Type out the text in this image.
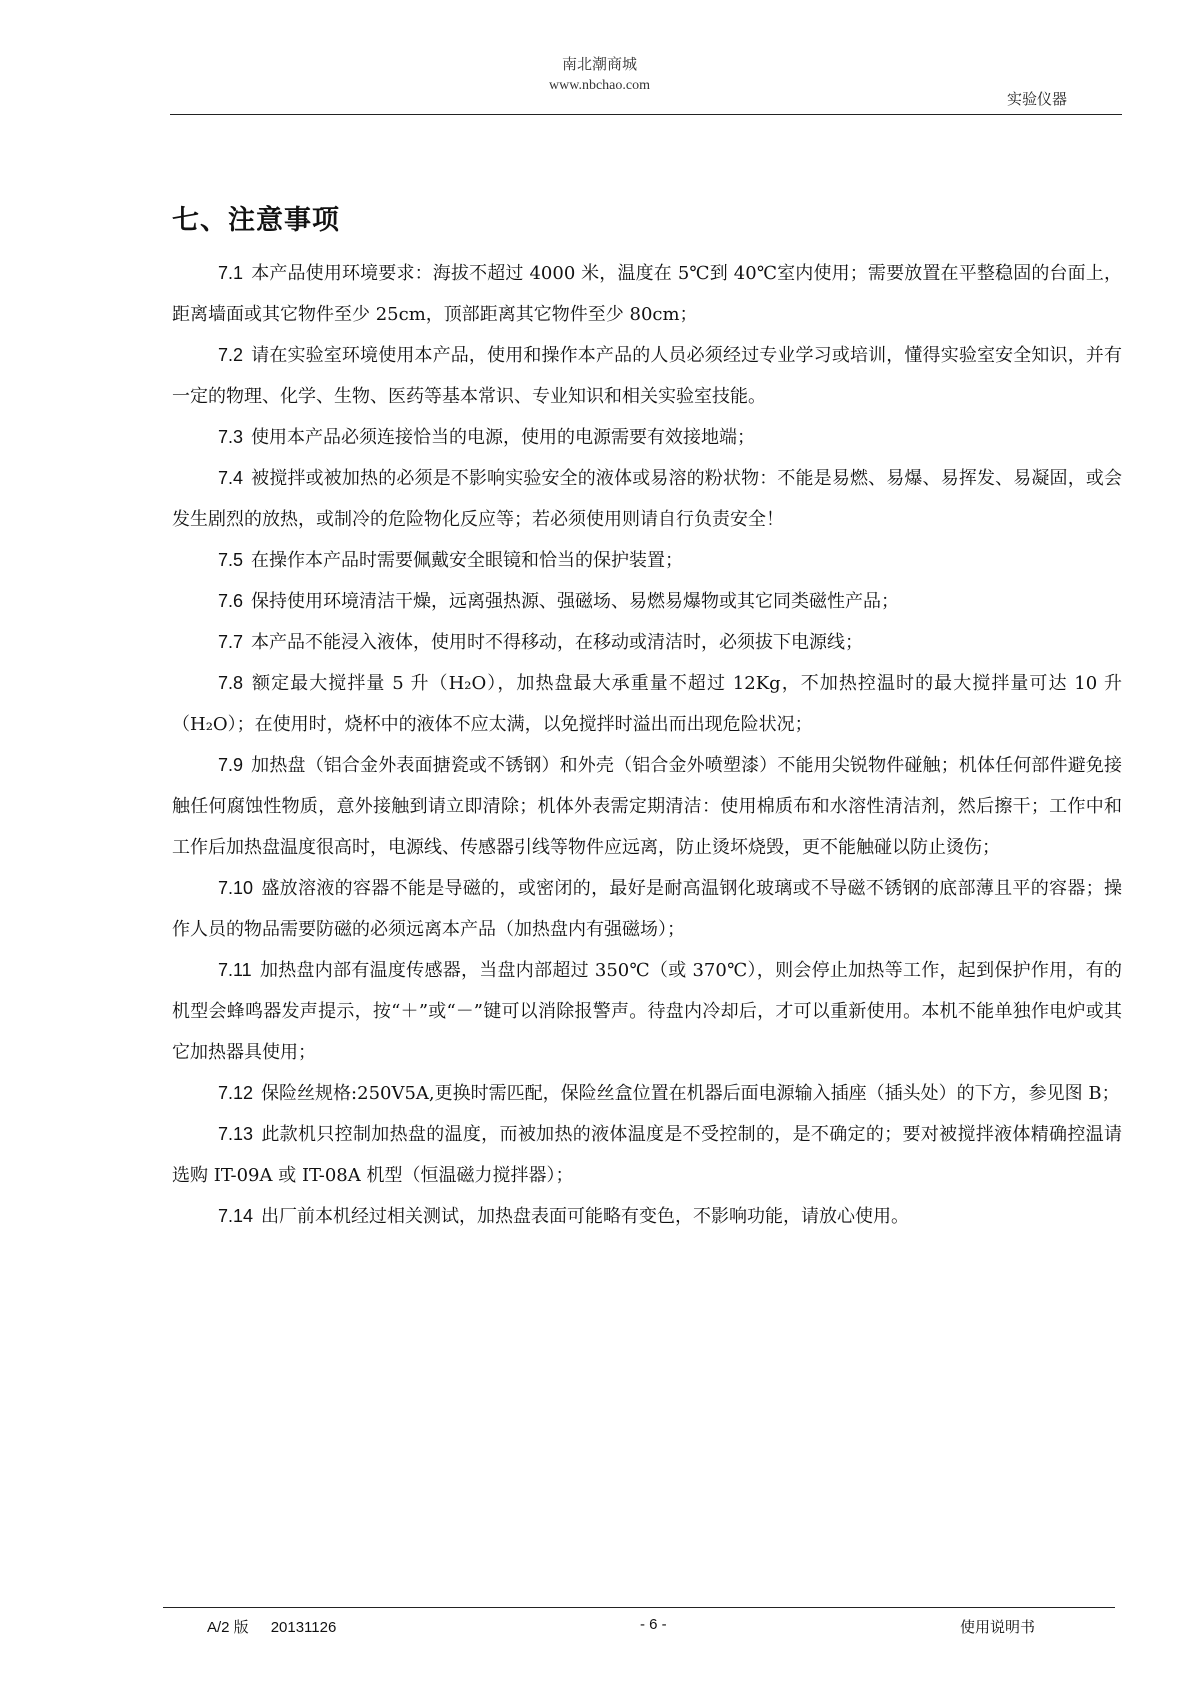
南北潮商城
www.nbchao.com
实验仪器
七、注意事项
7.1 本产品使用环境要求：海拔不超过 4000 米，温度在 5℃到 40℃室内使用；需要放置在平整稳固的台面上，距离墙面或其它物件至少 25cm，顶部距离其它物件至少 80cm；
7.2 请在实验室环境使用本产品，使用和操作本产品的人员必须经过专业学习或培训，懂得实验室安全知识，并有一定的物理、化学、生物、医药等基本常识、专业知识和相关实验室技能。
7.3 使用本产品必须连接恰当的电源，使用的电源需要有效接地端；
7.4 被搅拌或被加热的必须是不影响实验安全的液体或易溶的粉状物：不能是易燃、易爆、易挥发、易凝固，或会发生剧烈的放热，或制冷的危险物化反应等；若必须使用则请自行负责安全！
7.5 在操作本产品时需要佩戴安全眼镜和恰当的保护装置；
7.6 保持使用环境清洁干燥，远离强热源、强磁场、易燃易爆物或其它同类磁性产品；
7.7 本产品不能浸入液体，使用时不得移动，在移动或清洁时，必须拔下电源线；
7.8 额定最大搅拌量 5 升（H₂O），加热盘最大承重量不超过 12Kg，不加热控温时的最大搅拌量可达 10 升（H₂O）；在使用时，烧杯中的液体不应太满，以免搅拌时溢出而出现危险状况；
7.9 加热盘（铝合金外表面搪瓷或不锈钢）和外壳（铝合金外喷塑漆）不能用尖锐物件碰触；机体任何部件避免接触任何腐蚀性物质，意外接触到请立即清除；机体外表需定期清洁：使用棉质布和水溶性清洁剂，然后擦干；工作中和工作后加热盘温度很高时，电源线、传感器引线等物件应远离，防止烫坏烧毁，更不能触碰以防止烫伤；
7.10 盛放溶液的容器不能是导磁的，或密闭的，最好是耐高温钢化玻璃或不导磁不锈钢的底部薄且平的容器；操作人员的物品需要防磁的必须远离本产品（加热盘内有强磁场）；
7.11 加热盘内部有温度传感器，当盘内部超过 350℃（或 370℃），则会停止加热等工作，起到保护作用，有的机型会蜂鸣器发声提示，按“＋”或“－”键可以消除报警声。待盘内冷却后，才可以重新使用。本机不能单独作电炉或其它加热器具使用；
7.12 保险丝规格:250V5A,更换时需匹配，保险丝盒位置在机器后面电源输入插座（插头处）的下方，参见图 B；
7.13 此款机只控制加热盘的温度，而被加热的液体温度是不受控制的，是不确定的；要对被搅拌液体精确控温请选购 IT-09A 或 IT-08A 机型（恒温磁力搅拌器）；
7.14 出厂前本机经过相关测试，加热盘表面可能略有变色，不影响功能，请放心使用。
A/2 版 20131126	- 6 -	使用说明书
